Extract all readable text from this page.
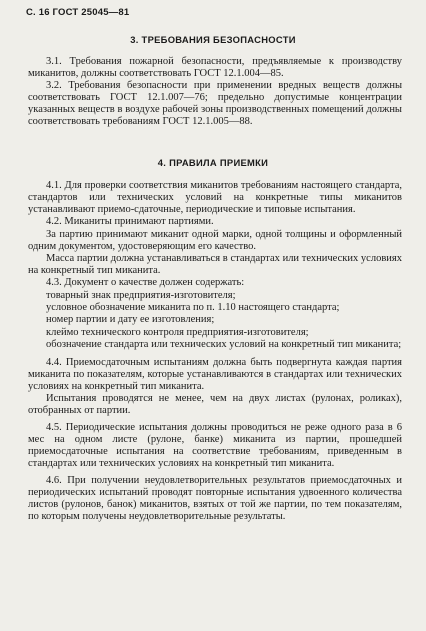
С. 16 ГОСТ 25045—81
3. ТРЕБОВАНИЯ БЕЗОПАСНОСТИ

3.1. Требования пожарной безопасности, предъявляемые к производству миканитов, должны соответствовать ГОСТ 12.1.004—85.

3.2. Требования безопасности при применении вредных веществ должны соответствовать ГОСТ 12.1.007—76; предельно допустимые концентрации указанных веществ в воздухе рабочей зоны производственных помещений должны соответствовать требованиям ГОСТ 12.1.005—88.

4. ПРАВИЛА ПРИЕМКИ

4.1. Для проверки соответствия миканитов требованиям настоящего стандарта, стандартов или технических условий на конкретные типы миканитов устанавливают приемо-сдаточные, периодические и типовые испытания.

4.2. Миканиты принимают партиями.

За партию принимают миканит одной марки, одной толщины и оформленный одним документом, удостоверяющим его качество.

Масса партии должна устанавливаться в стандартах или технических условиях на конкретный тип миканита.

4.3. Документ о качестве должен содержать:

товарный знак предприятия-изготовителя;

условное обозначение миканита по п. 1.10 настоящего стандарта;

номер партии и дату ее изготовления;

клеймо технического контроля предприятия-изготовителя;

обозначение стандарта или технических условий на конкретный тип миканита;

4.4. Приемосдаточным испытаниям должна быть подвергнута каждая партия миканита по показателям, которые устанавливаются в стандартах или технических условиях на конкретный тип миканита.

Испытания проводятся не менее, чем на двух листах (рулонах, роликах), отобранных от партии.

4.5. Периодические испытания должны проводиться не реже одного раза в 6 мес на одном листе (рулоне, банке) миканита из партии, прошедшей приемосдаточные испытания на соответствие требованиям, приведенным в стандартах или технических условиях на конкретный тип миканита.

4.6. При получении неудовлетворительных результатов приемосдаточных и периодических испытаний проводят повторные испытания удвоенного количества листов (рулонов, банок) миканитов, взятых от той же партии, по тем показателям, по которым получены неудовлетворительные результаты.
